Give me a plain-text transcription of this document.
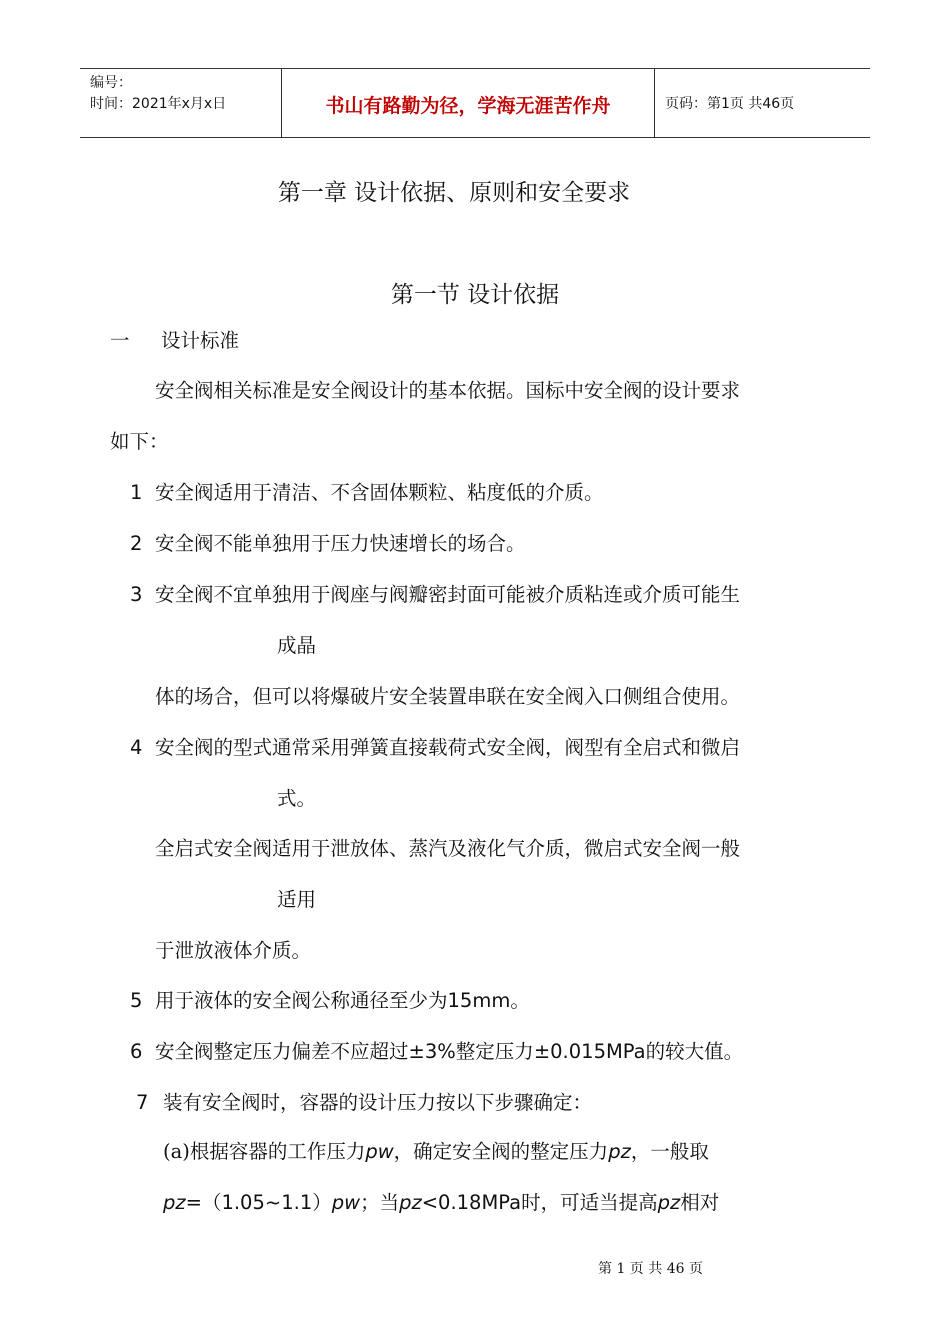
编号：
时间：2021年x月x日	书山有路勤为径，学海无涯苦作舟	页码：第1页 共46页
第一章 设计依据、原则和安全要求
第一节 设计依据
一 设计标准
安全阀相关标准是安全阀设计的基本依据。国标中安全阀的设计要求
如下：
1 安全阀适用于清洁、不含固体颗粒、粘度低的介质。
2 安全阀不能单独用于压力快速增长的场合。
3 安全阀不宜单独用于阀座与阀瓣密封面可能被介质粘连或介质可能生
成晶
体的场合，但可以将爆破片安全装置串联在安全阀入口侧组合使用。
4 安全阀的型式通常采用弹簧直接载荷式安全阀，阀型有全启式和微启
式。
全启式安全阀适用于泄放体、蒸汽及液化气介质，微启式安全阀一般
适用
于泄放液体介质。
5 用于液体的安全阀公称通径至少为15mm。
6 安全阀整定压力偏差不应超过±3%整定压力±0.015MPa的较大值。
7 装有安全阀时，容器的设计压力按以下步骤确定：
(a)根据容器的工作压力pw，确定安全阀的整定压力pz，一般取
pz=（1.05~1.1）pw；当pz<0.18MPa时，可适当提高pz相对
第 1 页 共 46 页
